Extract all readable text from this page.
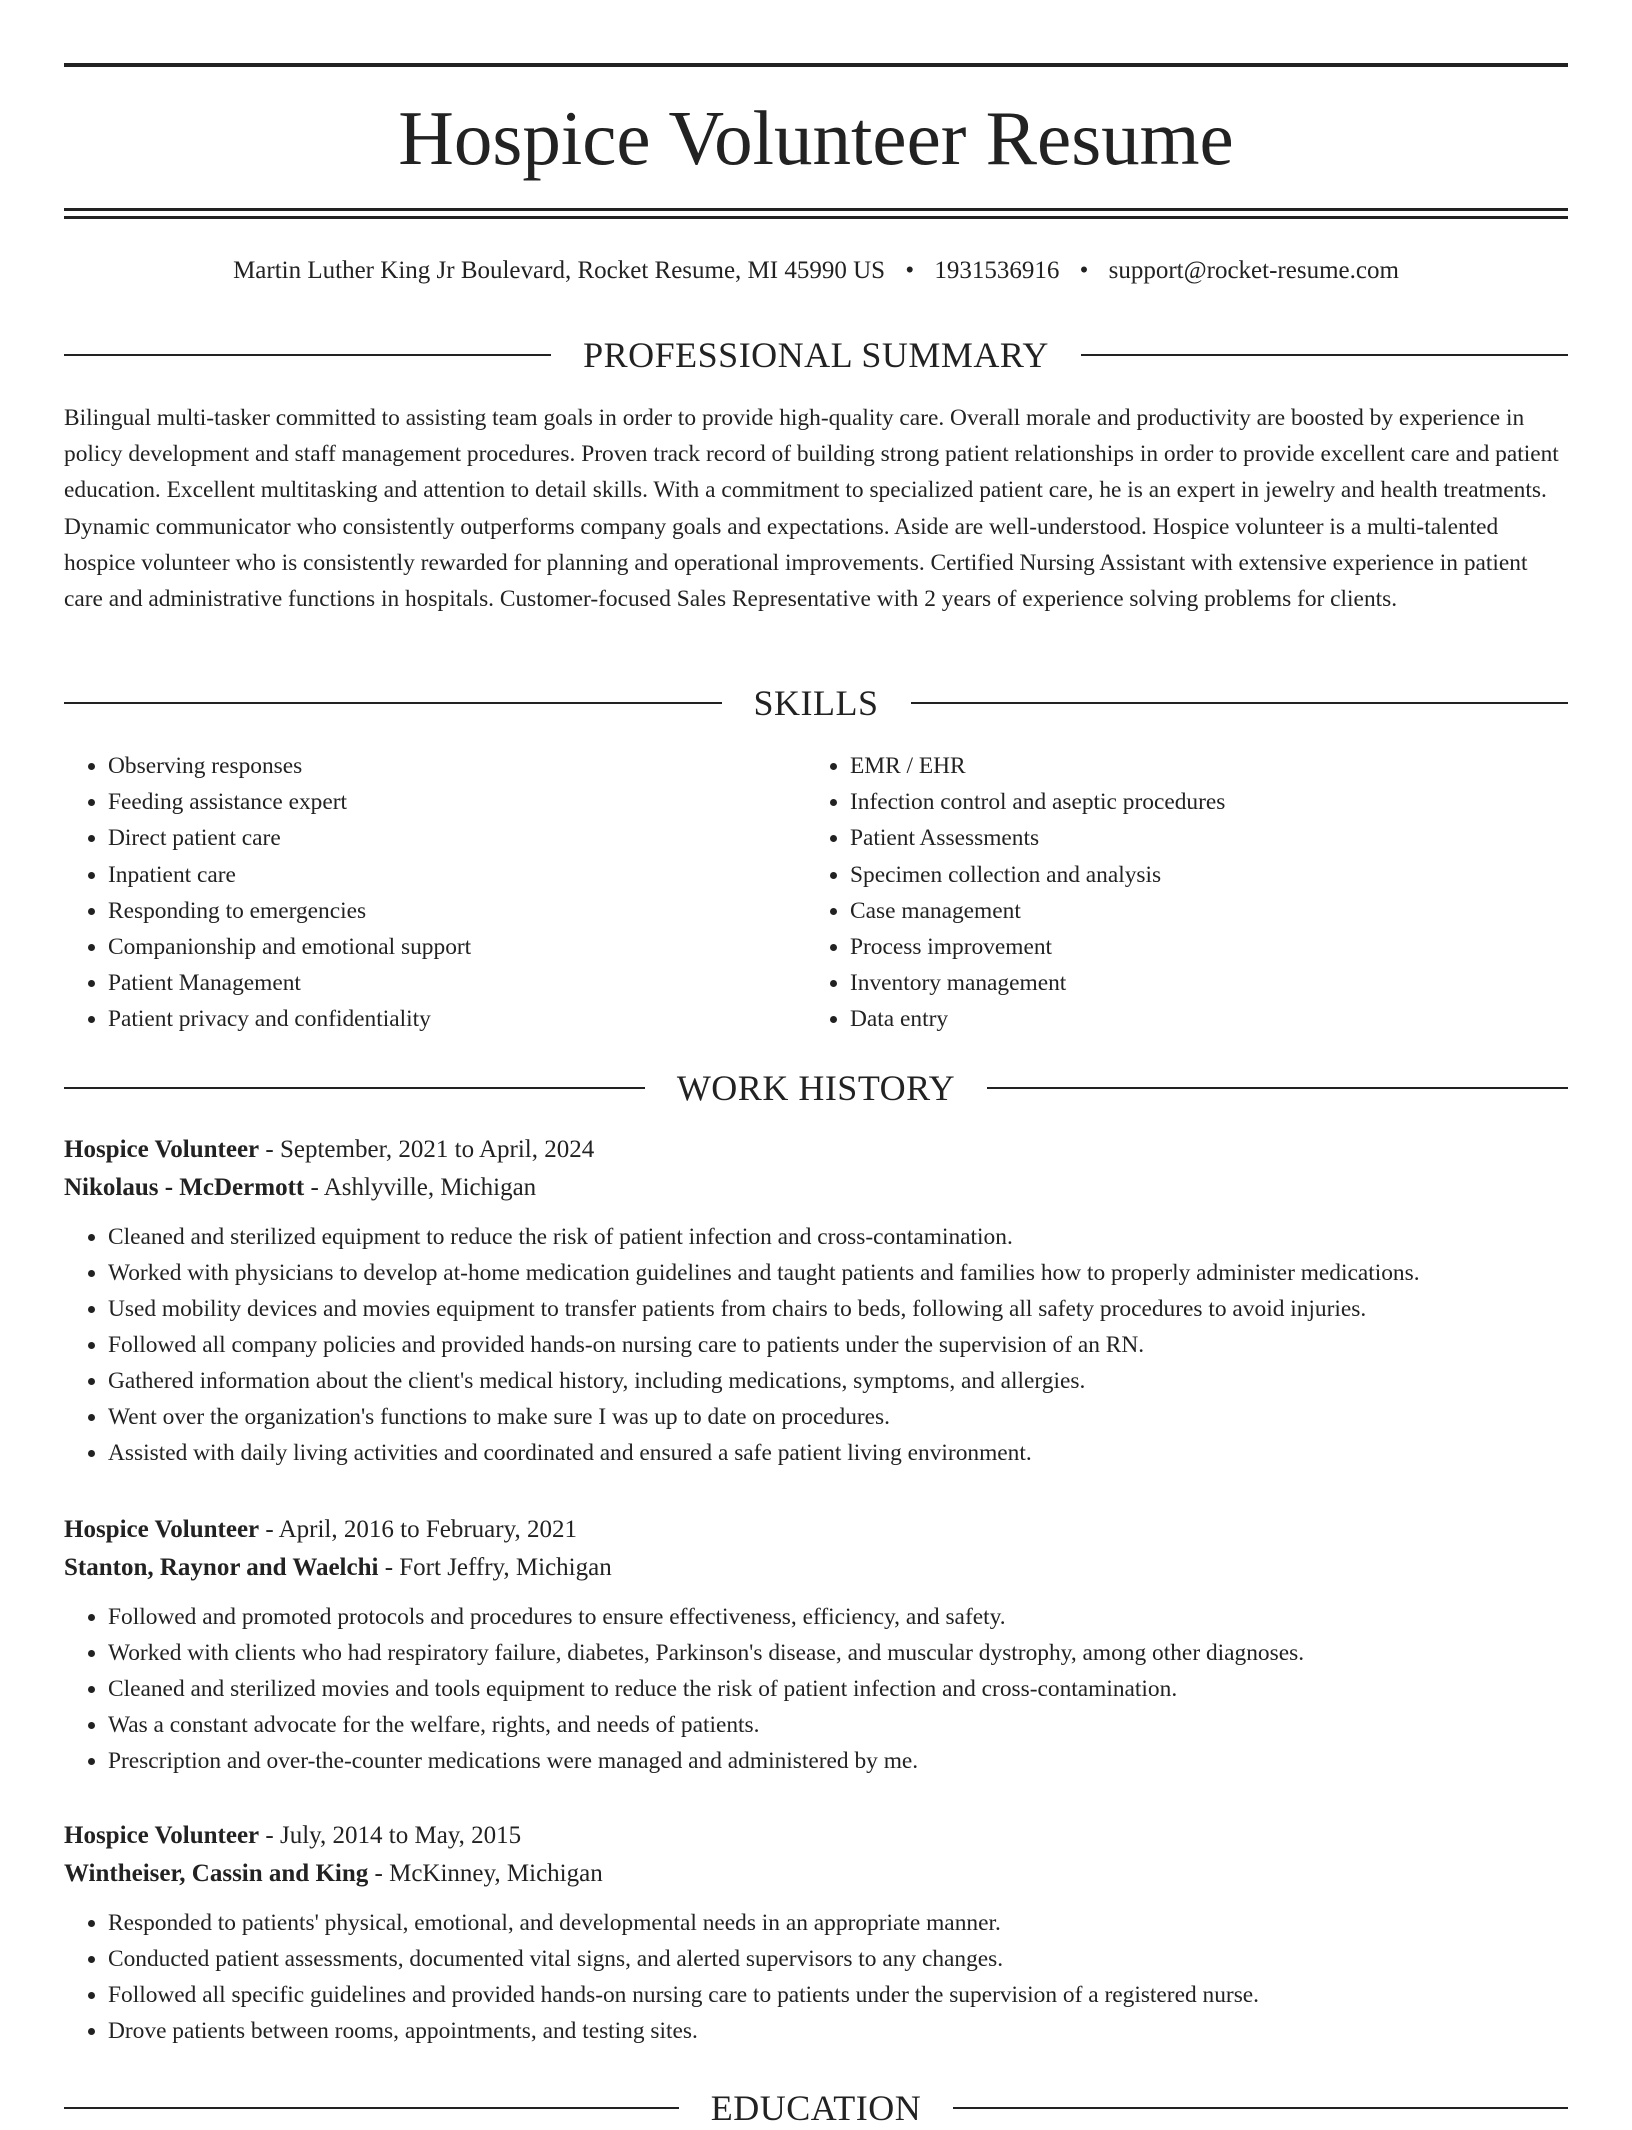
Hospice Volunteer Resume
Martin Luther King Jr Boulevard, Rocket Resume, MI 45990 US • 1931536916 • support@rocket-resume.com
PROFESSIONAL SUMMARY

Bilingual multi-tasker committed to assisting team goals in order to provide high-quality care. Overall morale and productivity are boosted by experience in policy development and staff management procedures. Proven track record of building strong patient relationships in order to provide excellent care and patient education. Excellent multitasking and attention to detail skills. With a commitment to specialized patient care, he is an expert in jewelry and health treatments. Dynamic communicator who consistently outperforms company goals and expectations. Aside are well-understood. Hospice volunteer is a multi-talented hospice volunteer who is consistently rewarded for planning and operational improvements. Certified Nursing Assistant with extensive experience in patient care and administrative functions in hospitals. Customer-focused Sales Representative with 2 years of experience solving problems for clients.

SKILLS
• Observing responses
• Feeding assistance expert
• Direct patient care
• Inpatient care
• Responding to emergencies
• Companionship and emotional support
• Patient Management
• Patient privacy and confidentiality
• EMR / EHR
• Infection control and aseptic procedures
• Patient Assessments
• Specimen collection and analysis
• Case management
• Process improvement
• Inventory management
• Data entry
WORK HISTORY
Hospice Volunteer - September, 2021 to April, 2024
Nikolaus - McDermott - Ashlyville, Michigan
• Cleaned and sterilized equipment to reduce the risk of patient infection and cross-contamination.
• Worked with physicians to develop at-home medication guidelines and taught patients and families how to properly administer medications.
• Used mobility devices and movies equipment to transfer patients from chairs to beds, following all safety procedures to avoid injuries.
• Followed all company policies and provided hands-on nursing care to patients under the supervision of an RN.
• Gathered information about the client's medical history, including medications, symptoms, and allergies.
• Went over the organization's functions to make sure I was up to date on procedures.
• Assisted with daily living activities and coordinated and ensured a safe patient living environment.
Hospice Volunteer - April, 2016 to February, 2021
Stanton, Raynor and Waelchi - Fort Jeffry, Michigan
• Followed and promoted protocols and procedures to ensure effectiveness, efficiency, and safety.
• Worked with clients who had respiratory failure, diabetes, Parkinson's disease, and muscular dystrophy, among other diagnoses.
• Cleaned and sterilized movies and tools equipment to reduce the risk of patient infection and cross-contamination.
• Was a constant advocate for the welfare, rights, and needs of patients.
• Prescription and over-the-counter medications were managed and administered by me.
Hospice Volunteer - July, 2014 to May, 2015
Wintheiser, Cassin and King - McKinney, Michigan
• Responded to patients' physical, emotional, and developmental needs in an appropriate manner.
• Conducted patient assessments, documented vital signs, and alerted supervisors to any changes.
• Followed all specific guidelines and provided hands-on nursing care to patients under the supervision of a registered nurse.
• Drove patients between rooms, appointments, and testing sites.
EDUCATION
